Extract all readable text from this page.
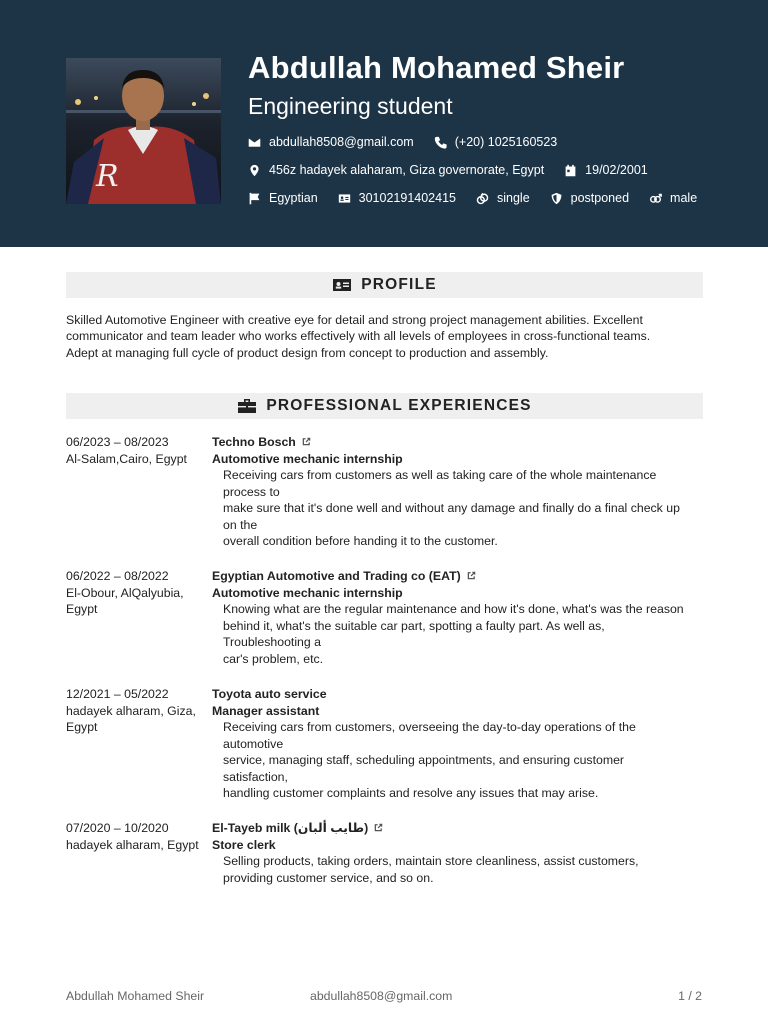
R
Abdullah Mohamed Sheir
Engineering student
abdullah8508@gmail.com	(+20) 1025160523
456z hadayek alaharam, Giza governorate, Egypt	19/02/2001
Egyptian	30102191402415	single	postponed	male
PROFILE
Skilled Automotive Engineer with creative eye for detail and strong project management abilities. Excellent
communicator and team leader who works effectively with all levels of employees in cross-functional teams.
Adept at managing full cycle of product design from concept to production and assembly.
PROFESSIONAL EXPERIENCES
06/2023 – 08/2023
Al-Salam,Cairo, Egypt
Techno Bosch
Automotive mechanic internship
Receiving cars from customers as well as taking care of the whole maintenance
process to
make sure that it's done well and without any damage and finally do a final check up
on the
overall condition before handing it to the customer.
06/2022 – 08/2022
El-Obour, AlQalyubia, Egypt
Egyptian Automotive and Trading co (EAT)
Automotive mechanic internship
Knowing what are the regular maintenance and how it's done, what's was the reason
behind it, what's the suitable car part, spotting a faulty part. As well as,
Troubleshooting a
car's problem, etc.
12/2021 – 05/2022
hadayek alharam, Giza, Egypt
Toyota auto service
Manager assistant
Receiving cars from customers, overseeing the day-to-day operations of the
automotive
service, managing staff, scheduling appointments, and ensuring customer
satisfaction,
handling customer complaints and resolve any issues that may arise.
07/2020 – 10/2020
hadayek alharam, Egypt
El-Tayeb milk (طايب ألبان)
Store clerk
Selling products, taking orders, maintain store cleanliness, assist customers,
providing customer service, and so on.
Abdullah Mohamed Sheir	abdullah8508@gmail.com	1 / 2
